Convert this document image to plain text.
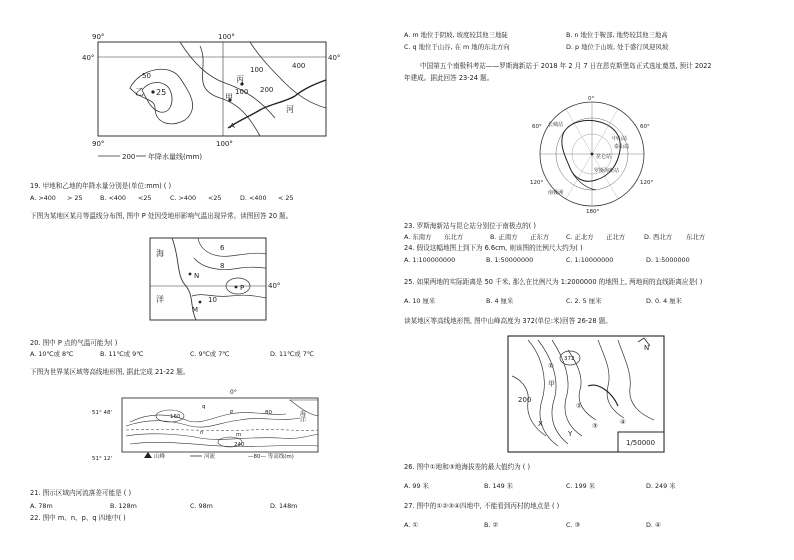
90°	100°
90°	100°
40°	40°
乙 25
50
甲
丙
100
100 200
400
河
A
200 年降水量线(mm)
19. 甲地和乙地的年降水量分别是(单位:mm) ( )
A. >400 > 25	B. <400 <25	C. >400 <25	D. <400 < 25
下图为某地区某月等温线分布图, 图中 P 处因受地形影响气温出现异常。读图回答 20 题。
海
洋
6
8
10
N
M
P	40°
20. 图中 P 点的气温可能为( )
A. 10℃或 8℃	B. 11℃或 9℃	C. 9℃或 7℃	D. 11℃或 7℃
下图为世界某区域等高线地形图, 据此完成 21-22 题。
0°
51° 48'
51° 12'
海洋
160
q
P	80
n	m
240
山峰	河流	—80— 等高线(m)
21. 图示区域内河流落差可能是 ( )
A. 78m	B. 128m	C. 98m	D. 148m
22. 图中 m、n、p、q 四地中( )
A. m 地位于阴坡, 坡度较其他三地陡	B. n 地位于鞍部, 地势较其他三地高
C. q 地位于山谷, 在 m 地的东北方向	D. p 地位于山坡, 处于盛行风迎风坡
中国第五个南极科考站——罗斯海新站于 2018 年 2 月 7 日在恩克斯堡岛正式选址奠基, 预计 2022
年建成。据此回答 23-24 题。
0°
180°
60°	60°
120°	120°
长城站
中山站
泰山站
昆仑站
罗斯海新站
南极洲
23. 罗斯海新站与昆仑站分别位于南极点的( )
A. 东南方 东北方	B. 正南方 正东方	C. 正北方 正北方	D. 西北方 东北方
24. 假设这幅地图上到下为 6.6cm, 则该图的比例尺大约为( )
A. 1:100000000	B. 1:50000000	C. 1:10000000	D. 1:5000000
25. 如果两地的实际距离是 50 千米, 那么在比例尺为 1:2000000 的地图上, 两地间的直线距离应是( )
A. 10 厘米	B. 4 厘米	C. 2. 5 厘米	D. 0. 4 厘米
读某地区等高线地形图, 图中山峰高度为 372(单位:米)回答 26-28 题。
N
372
200
甲
X
Y
①
②
③	④
1/50000
26. 图中①地和③地海拔差的最大值约为 ( )
A. 99 米	B. 149 米	C. 199 米	D. 249 米
27. 图中的①②③④四地中, 不能看到丙村的地点是 ( )
A. ①	B. ②	C. ③	D. ④
